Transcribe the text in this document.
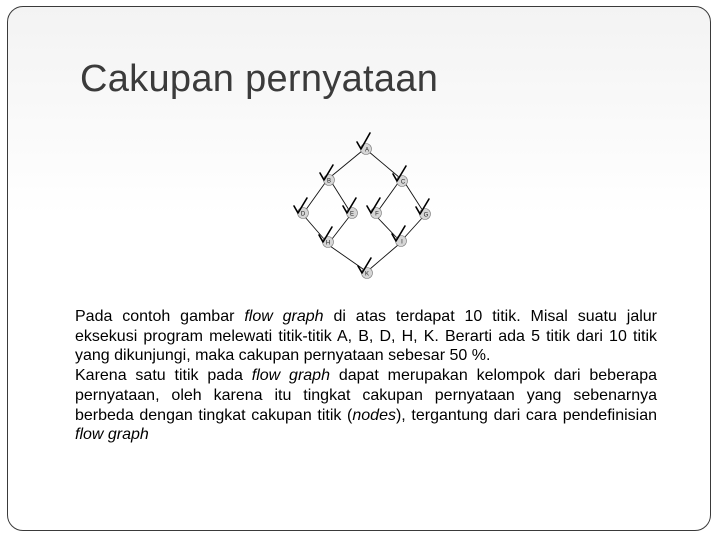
Cakupan pernyataan
A
B	C
D	E	F	G
H	I
K

Pada contoh gambar flow graph di atas terdapat 10 titik. Misal suatu jalur eksekusi program melewati titik-titik A, B, D, H, K. Berarti ada 5 titik dari 10 titik yang dikunjungi, maka cakupan pernyataan sebesar 50 %.

Karena satu titik pada flow graph dapat merupakan kelompok dari beberapa pernyataan, oleh karena itu tingkat cakupan pernyataan yang sebenarnya berbeda dengan tingkat cakupan titik (nodes), tergantung dari cara pendefinisian flow graph
